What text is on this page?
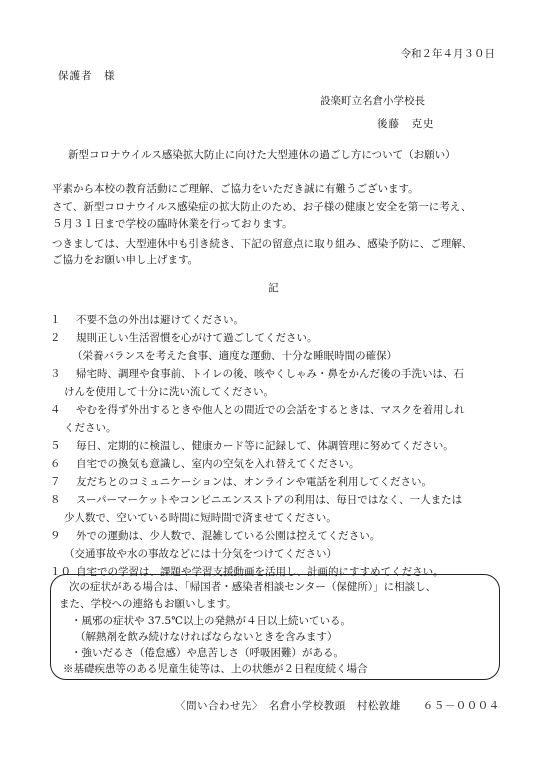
令和２年４月３０日
保護者　様
設楽町立名倉小学校長
後藤　克史
新型コロナウイルス感染拡大防止に向けた大型連休の過ごし方について（お願い）
平素から本校の教育活動にご理解、ご協力をいただき誠に有難うございます。
さて、新型コロナウイルス感染症の拡大防止のため、お子様の健康と安全を第一に考え、
５月３１日まで学校の臨時休業を行っております。
つきましては、大型連休中も引き続き、下記の留意点に取り組み、感染予防に、ご理解、
ご協力をお願い申し上げます。
記
１ 不要不急の外出は避けてください。
２ 規則正しい生活習慣を心がけて過ごしてください。
（栄養バランスを考えた食事、適度な運動、十分な睡眠時間の確保）
３ 帰宅時、調理や食事前、トイレの後、咳やくしゃみ・鼻をかんだ後の手洗いは、石
けんを使用して十分に洗い流してください。
４ やむを得ず外出するときや他人との間近での会話をするときは、マスクを着用しれ
ください。
５ 毎日、定期的に検温し、健康カード等に記録して、体調管理に努めてください。
６ 自宅での換気も意識し、室内の空気を入れ替えてください。
７ 友だちとのコミュニケーションは、オンラインや電話を利用してください。
８ スーパーマーケットやコンビニエンスストアの利用は、毎日ではなく、一人または
少人数で、空いている時間に短時間で済ませてください。
９ 外での運動は、少人数で、混雑している公園は控えてください。
（交通事故や水の事故などには十分気をつけてください）
１０ 自宅での学習は、課題や学習支援動画を活用し、計画的にすすめてください。
次の症状がある場合は、「帰国者・感染者相談センター（保健所）」に相談し、
また、学校への連絡もお願いします。
・風邪の症状や 37.5℃以上の発熱が４日以上続いている。
（解熱剤を飲み続けなければならないときを含みます）
・強いだるさ（倦怠感）や息苦しさ（呼吸困難）がある。
※基礎疾患等のある児童生徒等は、上の状態が２日程度続く場合
〈問い合わせ先〉　名倉小学校教頭　村松敦雄　　６５－０００４
